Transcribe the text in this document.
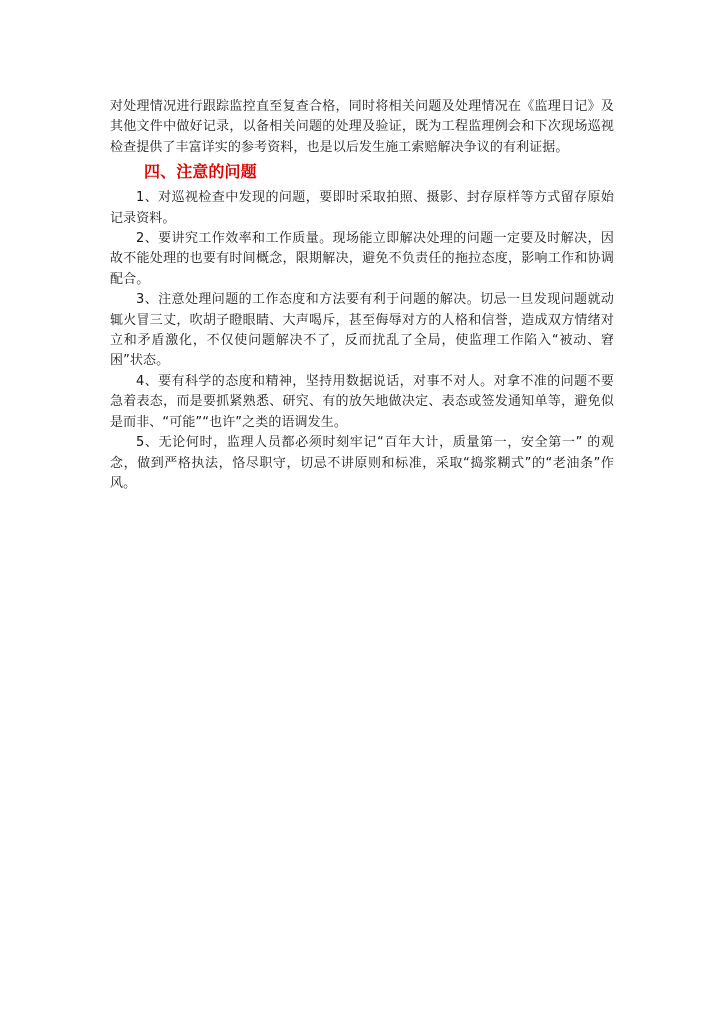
对处理情况进行跟踪监控直至复查合格，同时将相关问题及处理情况在《监理日记》及其他文件中做好记录，以备相关问题的处理及验证，既为工程监理例会和下次现场巡视检查提供了丰富详实的参考资料，也是以后发生施工索赔解决争议的有利证据。

四、注意的问题

1、对巡视检查中发现的问题，要即时采取拍照、摄影、封存原样等方式留存原始记录资料。

2、要讲究工作效率和工作质量。现场能立即解决处理的问题一定要及时解决，因故不能处理的也要有时间概念，限期解决，避免不负责任的拖拉态度，影响工作和协调配合。

3、注意处理问题的工作态度和方法要有利于问题的解决。切忌一旦发现问题就动辄火冒三丈，吹胡子瞪眼睛、大声喝斥，甚至侮辱对方的人格和信誉，造成双方情绪对立和矛盾激化，不仅使问题解决不了，反而扰乱了全局，使监理工作陷入“被动、窘困”状态。

4、要有科学的态度和精神，坚持用数据说话，对事不对人。对拿不准的问题不要急着表态，而是要抓紧熟悉、研究、有的放矢地做决定、表态或签发通知单等，避免似是而非、“可能”“也许”之类的语调发生。

5、无论何时，监理人员都必须时刻牢记“百年大计，质量第一，安全第一” 的观念，做到严格执法，恪尽职守，切忌不讲原则和标准，采取“捣浆糊式”的“老油条”作风。
